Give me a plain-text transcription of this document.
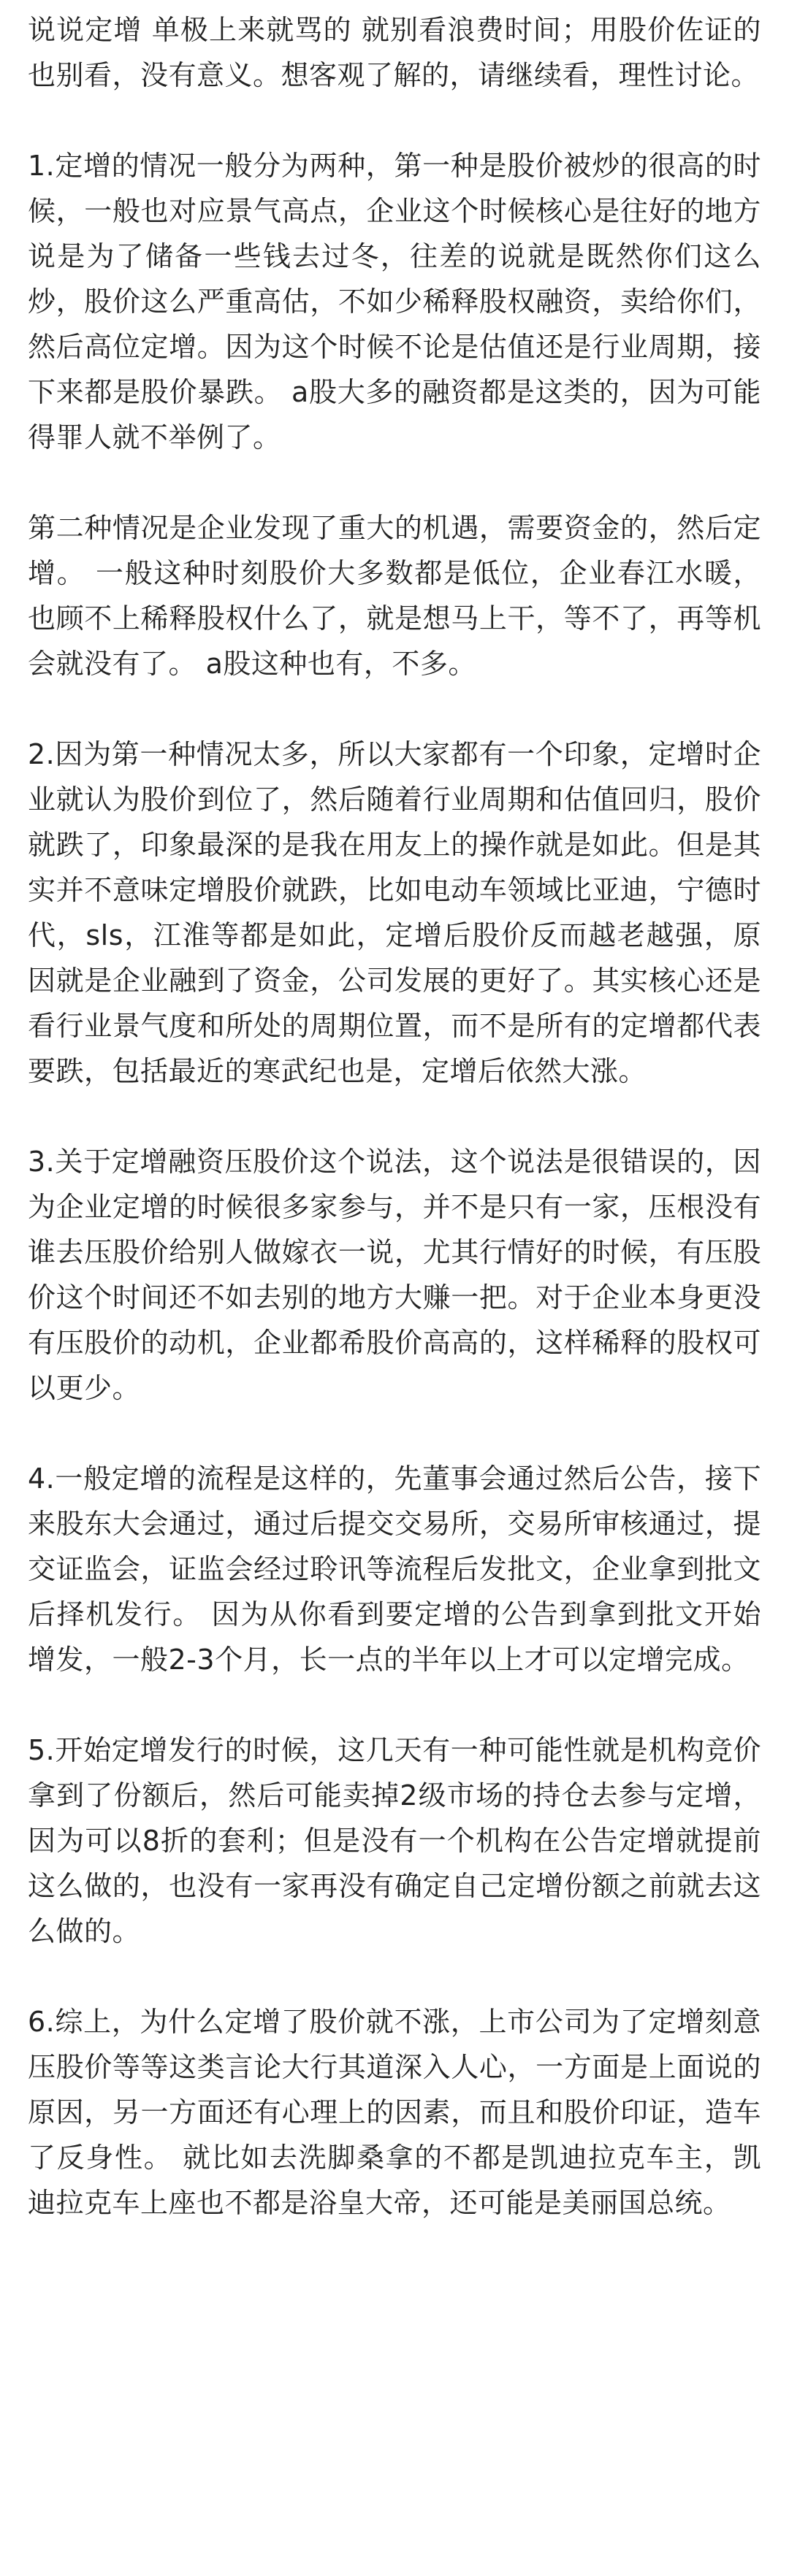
说说定增 单极上来就骂的 就别看浪费时间；用股价佐证的也别看，没有意义。想客观了解的，请继续看，理性讨论。

1.定增的情况一般分为两种，第一种是股价被炒的很高的时候，一般也对应景气高点，企业这个时候核心是往好的地方说是为了储备一些钱去过冬，往差的说就是既然你们这么炒，股价这么严重高估，不如少稀释股权融资，卖给你们，然后高位定增。因为这个时候不论是估值还是行业周期，接下来都是股价暴跌。 a股大多的融资都是这类的，因为可能得罪人就不举例了。

第二种情况是企业发现了重大的机遇，需要资金的，然后定增。 一般这种时刻股价大多数都是低位，企业春江水暖，也顾不上稀释股权什么了，就是想马上干，等不了，再等机会就没有了。 a股这种也有，不多。

2.因为第一种情况太多，所以大家都有一个印象，定增时企业就认为股价到位了，然后随着行业周期和估值回归，股价就跌了，印象最深的是我在用友上的操作就是如此。但是其实并不意味定增股价就跌，比如电动车领域比亚迪，宁德时代，sls，江淮等都是如此，定增后股价反而越老越强，原因就是企业融到了资金，公司发展的更好了。其实核心还是看行业景气度和所处的周期位置，而不是所有的定增都代表要跌，包括最近的寒武纪也是，定增后依然大涨。

3.关于定增融资压股价这个说法，这个说法是很错误的，因为企业定增的时候很多家参与，并不是只有一家，压根没有谁去压股价给别人做嫁衣一说，尤其行情好的时候，有压股价这个时间还不如去别的地方大赚一把。对于企业本身更没有压股价的动机，企业都希股价高高的，这样稀释的股权可以更少。

4.一般定增的流程是这样的，先董事会通过然后公告，接下来股东大会通过，通过后提交交易所，交易所审核通过，提交证监会，证监会经过聆讯等流程后发批文，企业拿到批文后择机发行。 因为从你看到要定增的公告到拿到批文开始增发，一般2-3个月，长一点的半年以上才可以定增完成。

5.开始定增发行的时候，这几天有一种可能性就是机构竞价拿到了份额后，然后可能卖掉2级市场的持仓去参与定增，因为可以8折的套利；但是没有一个机构在公告定增就提前这么做的，也没有一家再没有确定自己定增份额之前就去这么做的。

6.综上，为什么定增了股价就不涨，上市公司为了定增刻意压股价等等这类言论大行其道深入人心，一方面是上面说的原因，另一方面还有心理上的因素，而且和股价印证，造车了反身性。 就比如去洗脚桑拿的不都是凯迪拉克车主，凯迪拉克车上座也不都是浴皇大帝，还可能是美丽国总统。
